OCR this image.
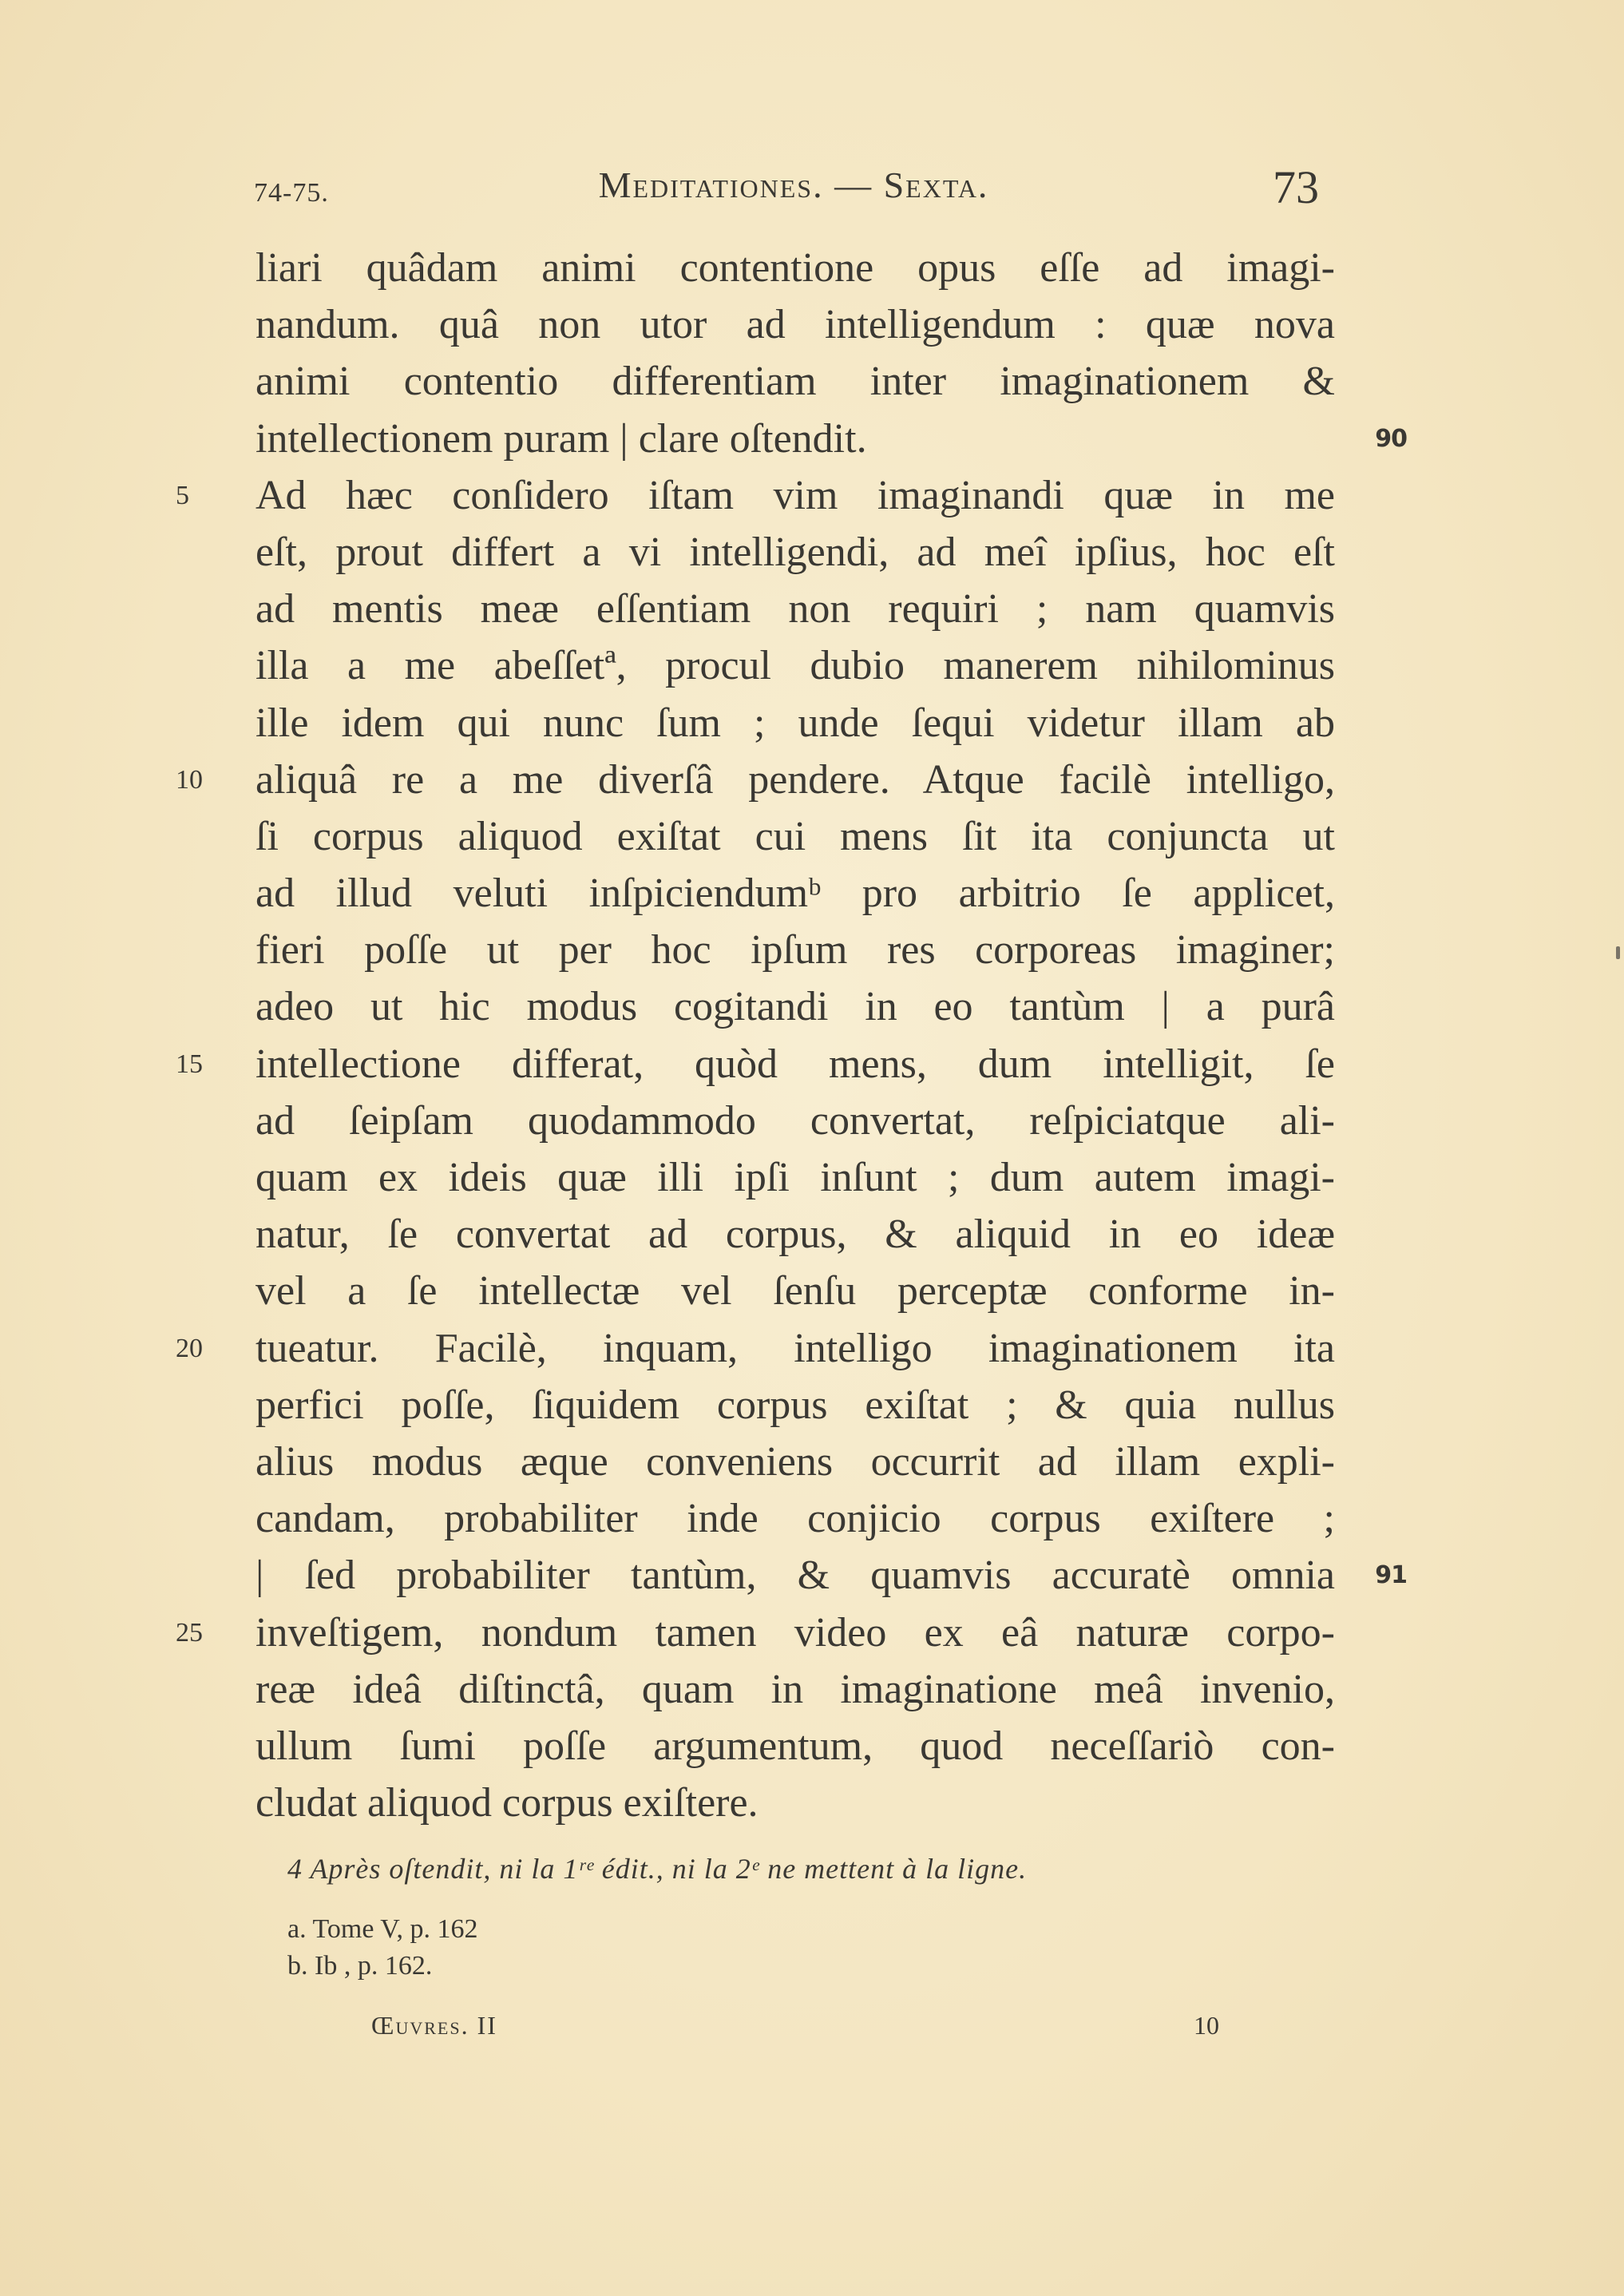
74-75.	Meditationes. — Sexta.	73
liari quâdam animi contentione opus eſſe ad imagi-
nandum. quâ non utor ad intelligendum : quæ nova
animi contentio differentiam inter imaginationem &
intellectionem puram | clare oſtendit.	90
5	Ad hæc conſidero iſtam vim imaginandi quæ in me
eſt, prout differt a vi intelligendi, ad meî ipſius, hoc eſt
ad mentis meæ eſſentiam non requiri ; nam quamvis
illa a me abeſſetª, procul dubio manerem nihilominus
ille idem qui nunc ſum ; unde ſequi videtur illam ab
10	aliquâ re a me diverſâ pendere. Atque facilè intelligo,
ſi corpus aliquod exiſtat cui mens ſit ita conjuncta ut
ad illud veluti inſpiciendumᵇ pro arbitrio ſe applicet,
fieri poſſe ut per hoc ipſum res corporeas imaginer;
adeo ut hic modus cogitandi in eo tantùm | a purâ
15	intellectione differat, quòd mens, dum intelligit, ſe
ad ſeipſam quodammodo convertat, reſpiciatque ali-
quam ex ideis quæ illi ipſi inſunt ; dum autem imagi-
natur, ſe convertat ad corpus, & aliquid in eo ideæ
vel a ſe intellectæ vel ſenſu perceptæ conforme in-
20	tueatur. Facilè, inquam, intelligo imaginationem ita
perfici poſſe, ſiquidem corpus exiſtat ; & quia nullus
alius modus æque conveniens occurrit ad illam expli-
candam, probabiliter inde conjicio corpus exiſtere ;
| ſed probabiliter tantùm, & quamvis accuratè omnia 91
25	inveſtigem, nondum tamen video ex eâ naturæ corpo-
reæ ideâ diſtinctâ, quam in imaginatione meâ invenio,
ullum ſumi poſſe argumentum, quod neceſſariò con-
cludat aliquod corpus exiſtere.
4 Après oſtendit, ni la 1ʳᵉ édit., ni la 2ᵉ ne mettent à la ligne.
a. Tome V, p. 162
b. Ib , p. 162.
Œuvres. II	10
